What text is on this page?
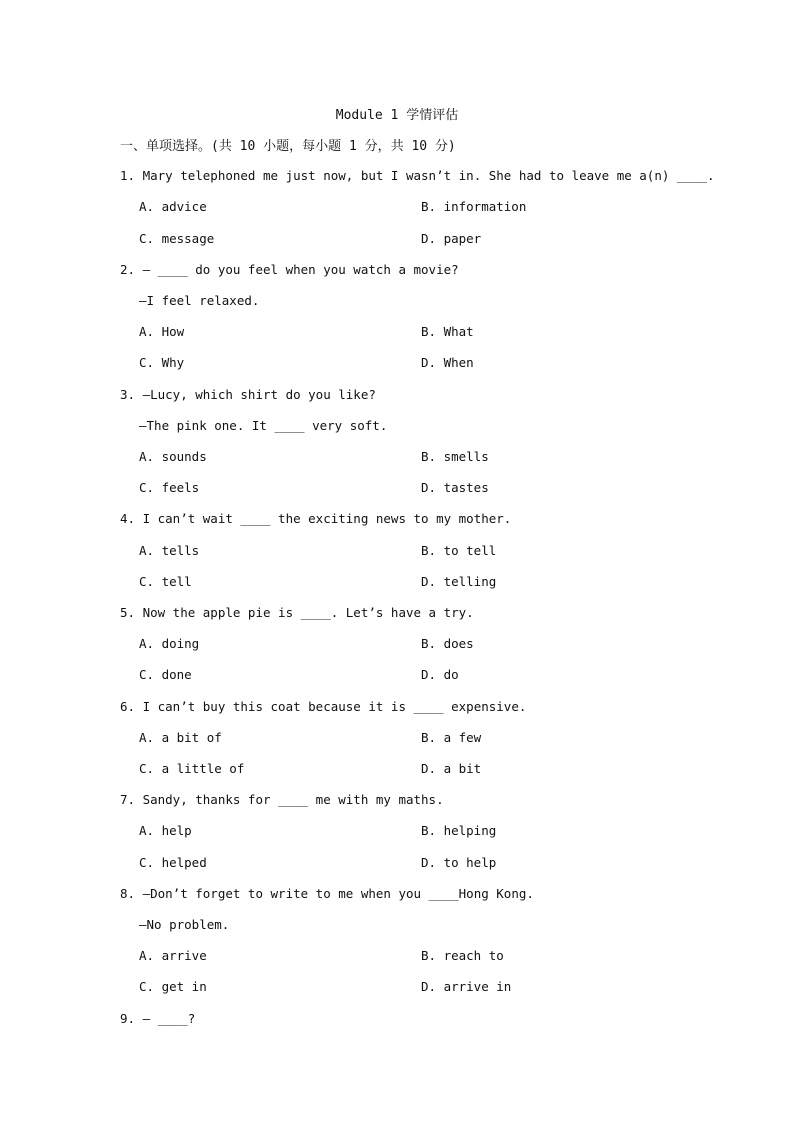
Module 1 学情评估
一、单项选择。(共 10 小题，每小题 1 分，共 10 分)
1. Mary telephoned me just now, but I wasn’t in. She had to leave me a(n) ____.
A. advice	B. information
C. message	D. paper
2. — ____ do you feel when you watch a movie?
—I feel relaxed.
A. How	B. What
C. Why	D. When
3. —Lucy, which shirt do you like?
—The pink one. It ____ very soft.
A. sounds	B. smells
C. feels	D. tastes
4. I can’t wait ____ the exciting news to my mother.
A. tells	B. to tell
C. tell	D. telling
5. Now the apple pie is ____. Let’s have a try.
A. doing	B. does
C. done	D. do
6. I can’t buy this coat because it is ____ expensive.
A. a bit of	B. a few
C. a little of	D. a bit
7. Sandy, thanks for ____ me with my maths.
A. help	B. helping
C. helped	D. to help
8. —Don’t forget to write to me when you ____Hong Kong.
—No problem.
A. arrive	B. reach to
C. get in	D. arrive in
9. — ____?
